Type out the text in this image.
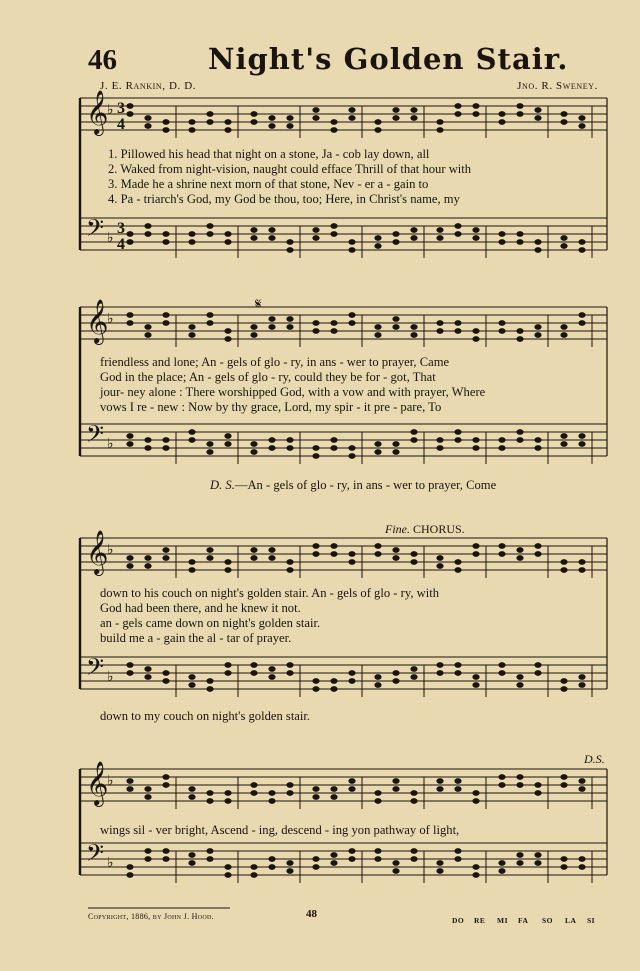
46	Night's Golden Stair.
J. E. Rankin, D. D.	Jno. R. Sweney.
𝄞
𝄢
♭
♭
𝄞
𝄢
♭
♭
𝄞
𝄢
♭
♭
𝄞
𝄢
♭
♭
3
4
3
4
1. Pillowed his head that night on a stone, Ja - cob lay down, all
2. Waked from night-vision, naught could efface Thrill of that hour with
3. Made he a shrine next morn of that stone, Nev - er a - gain to
4. Pa - triarch's God, my God be thou, too; Here, in Christ's name, my
𝄋
friendless and lone; An - gels of glo - ry, in ans - wer to prayer, Came
God in the place; An - gels of glo - ry, could they be for - got, That
jour- ney alone : There worshipped God, with a vow and with prayer, Where
vows I re - new : Now by thy grace, Lord, my spir - it pre - pare, To
D. S.—An - gels of glo - ry, in ans - wer to prayer, Come
Fine. CHORUS.
down to his couch on night's golden stair. An - gels of glo - ry, with
God had been there, and he knew it not.
an - gels came down on night's golden stair.
build me a - gain the al - tar of prayer.
down to my couch on night's golden stair.
D.S.
wings sil - ver bright, Ascend - ing, descend - ing yon pathway of light,
Copyright, 1886, by John J. Hood.	48
DO RE MI FA SO LA SI
